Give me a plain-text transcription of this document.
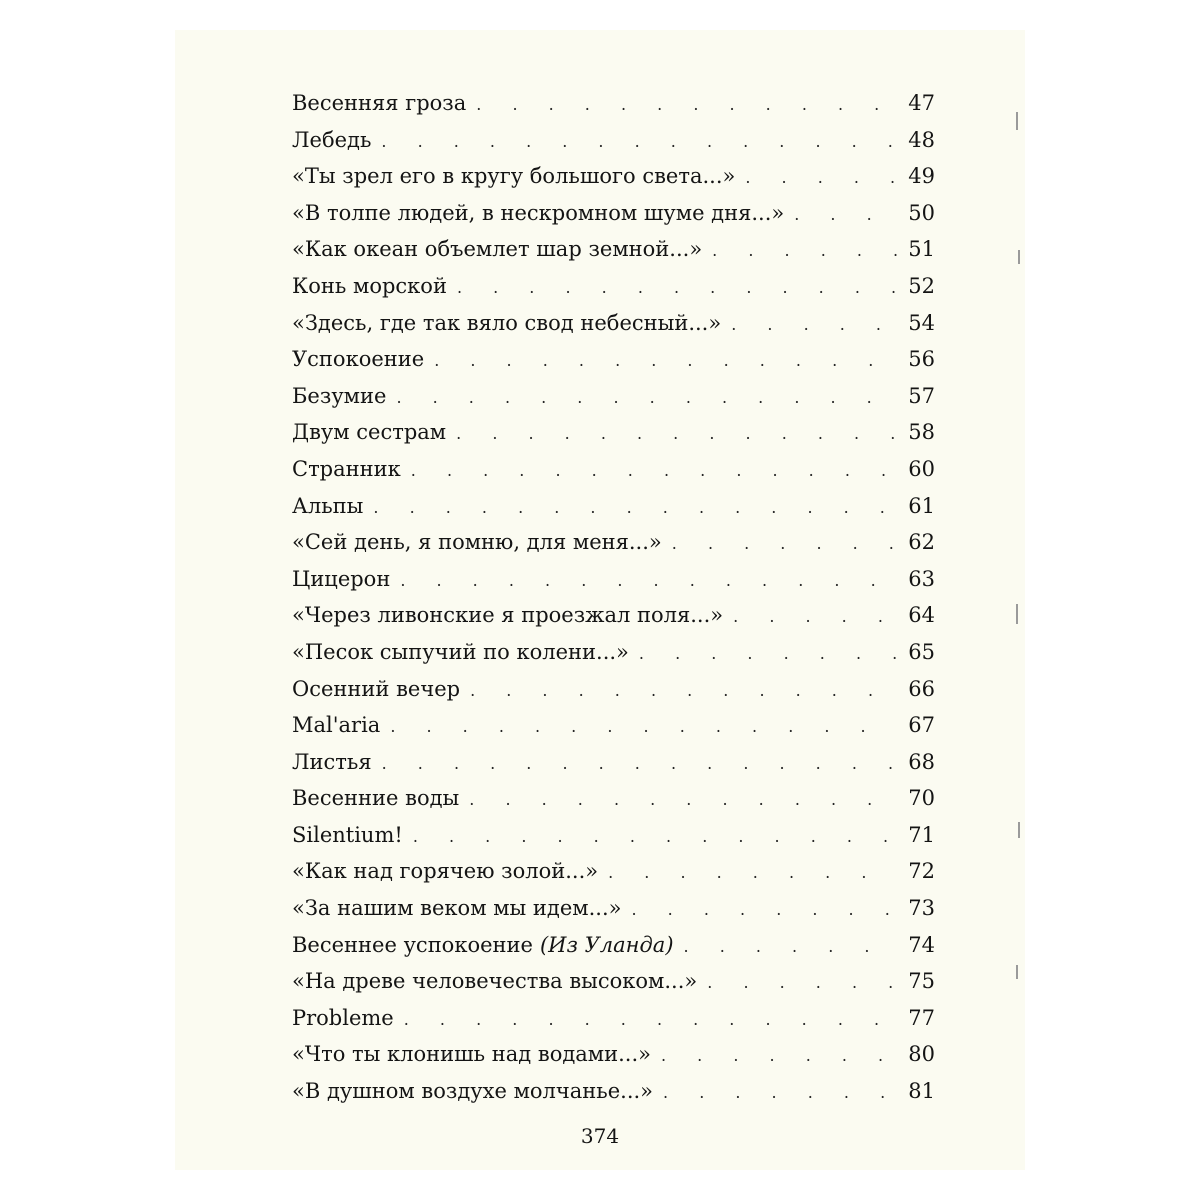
Весенняя гроза . . .	47
Лебедь . . .	48
«Ты зрел его в кругу большого света...» . . .	49
«В толпе людей, в нескромном шуме дня...» . . .	50
«Как океан объемлет шар земной...» . . .	51
Конь морской . . .	52
«Здесь, где так вяло свод небесный...» . . .	54
Успокоение . . .	56
Безумие . . .	57
Двум сестрам . . .	58
Странник . . .	60
Альпы . . .	61
«Сей день, я помню, для меня...» . . .	62
Цицерон . . .	63
«Через ливонские я проезжал поля...» . . .	64
«Песок сыпучий по колени...» . . .	65
Осенний вечер . . .	66
Mal'aria . . .	67
Листья . . .	68
Весенние воды . . .	70
Silentium! . . .	71
«Как над горячею золой...» . . .	72
«За нашим веком мы идем...» . . .	73
Весеннее успокоение (Из Уланда) . . .	74
«На древе человечества высоком...» . . .	75
Probleme . . .	77
«Что ты клонишь над водами...» . . .	80
«В душном воздухе молчанье...» . . .	81
374
